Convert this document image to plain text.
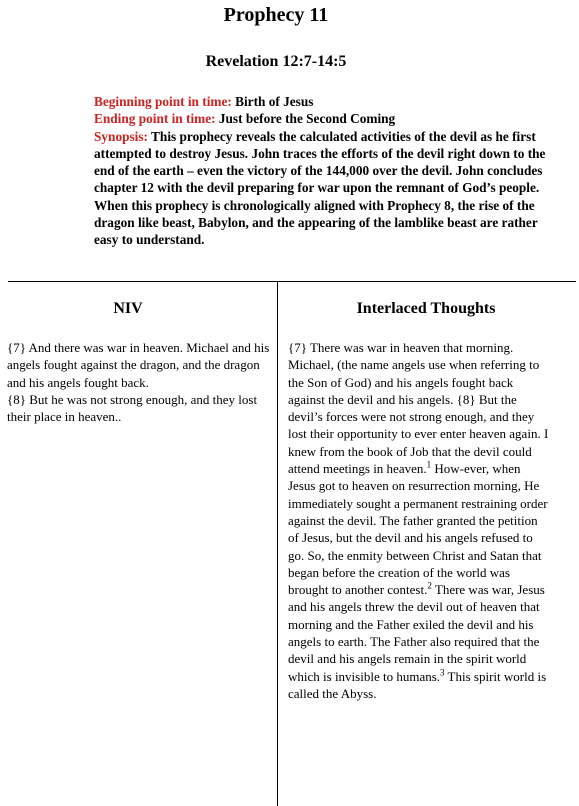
Prophecy 11
Revelation 12:7-14:5
Beginning point in time: Birth of Jesus
Ending point in time: Just before the Second Coming
Synopsis: This prophecy reveals the calculated activities of the devil as he first attempted to destroy Jesus. John traces the efforts of the devil right down to the end of the earth – even the victory of the 144,000 over the devil. John concludes chapter 12 with the devil preparing for war upon the remnant of God’s people. When this prophecy is chronologically aligned with Prophecy 8, the rise of the dragon like beast, Babylon, and the appearing of the lamblike beast are rather easy to understand.
NIV	Interlaced Thoughts

{7} And there was war in heaven. Michael and his angels fought against the dragon, and the dragon and his angels fought back.

{8} But he was not strong enough, and they lost their place in heaven..

{7} There was war in heaven that morning. Michael, (the name angels use when referring to the Son of God) and his angels fought back against the devil and his angels. {8} But the devil’s forces were not strong enough, and they lost their opportunity to ever enter heaven again. I knew from the book of Job that the devil could attend meetings in heaven.$^1$ How-ever, when Jesus got to heaven on resurrection morning, He immediately sought a permanent restraining order against the devil. The father granted the petition of Jesus, but the devil and his angels refused to go. So, the enmity between Christ and Satan that began before the creation of the world was brought to another contest.$^2$ There was war, Jesus and his angels threw the devil out of heaven that morning and the Father exiled the devil and his angels to earth. The Father also required that the devil and his angels remain in the spirit world which is invisible to humans.$^3$ This spirit world is called the Abyss.
